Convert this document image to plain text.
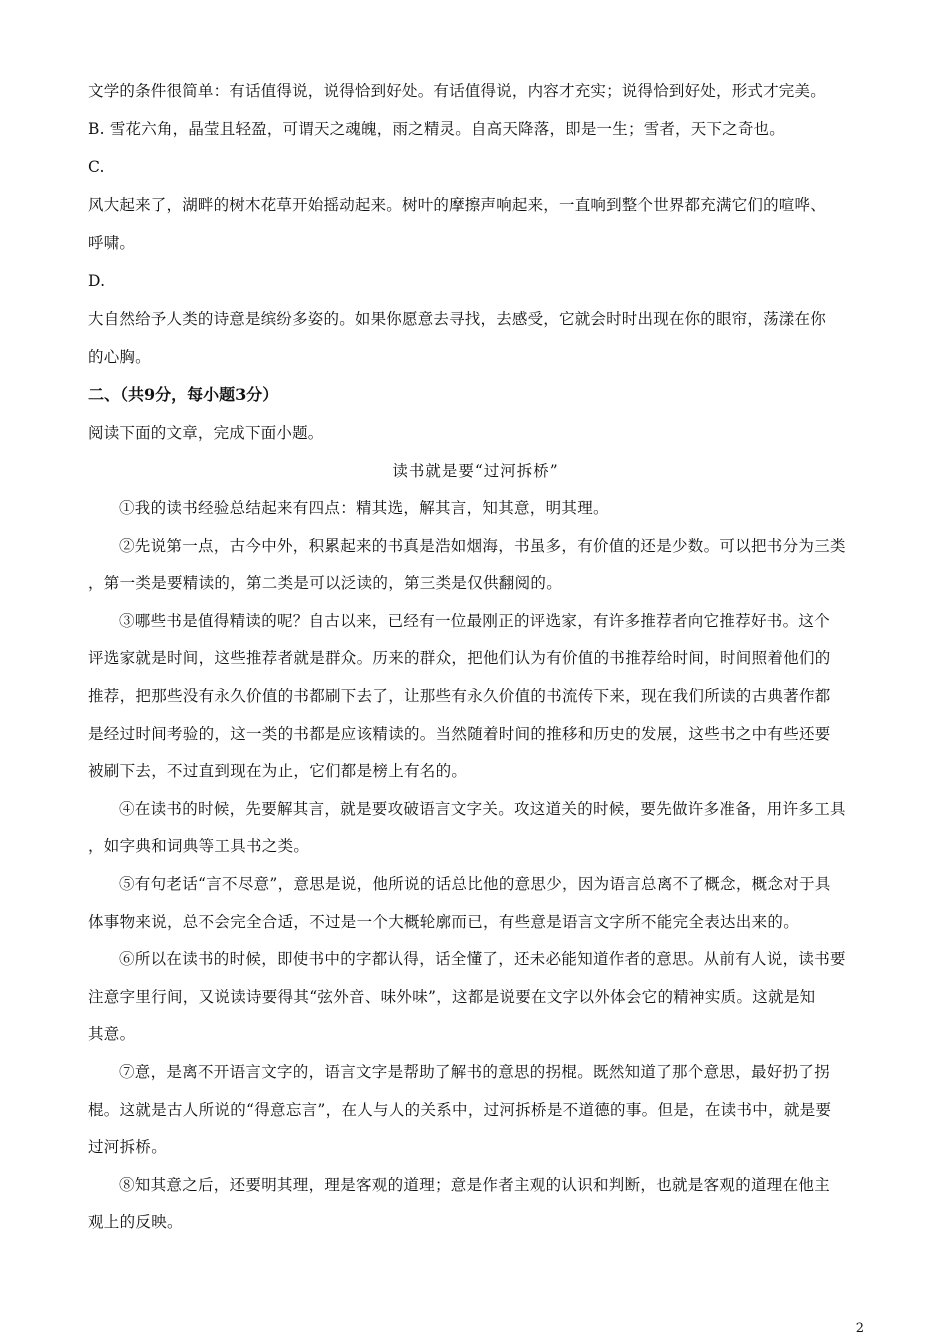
文学的条件很简单：有话值得说，说得恰到好处。有话值得说，内容才充实；说得恰到好处，形式才完美。

B. 雪花六角，晶莹且轻盈，可谓天之魂魄，雨之精灵。自高天降落，即是一生；雪者，天下之奇也。

C.

风大起来了，湖畔的树木花草开始摇动起来。树叶的摩擦声响起来，一直响到整个世界都充满它们的喧哗、

呼啸。

D.

大自然给予人类的诗意是缤纷多姿的。如果你愿意去寻找，去感受，它就会时时出现在你的眼帘，荡漾在你

的心胸。

二、（共9分，每小题3分）

阅读下面的文章，完成下面小题。

读书就是要“过河拆桥”

①我的读书经验总结起来有四点：精其选，解其言，知其意，明其理。

②先说第一点，古今中外，积累起来的书真是浩如烟海，书虽多，有价值的还是少数。可以把书分为三类

，第一类是要精读的，第二类是可以泛读的，第三类是仅供翻阅的。

③哪些书是值得精读的呢？自古以来，已经有一位最刚正的评选家，有许多推荐者向它推荐好书。这个

评选家就是时间，这些推荐者就是群众。历来的群众，把他们认为有价值的书推荐给时间，时间照着他们的

推荐，把那些没有永久价值的书都刷下去了，让那些有永久价值的书流传下来，现在我们所读的古典著作都

是经过时间考验的，这一类的书都是应该精读的。当然随着时间的推移和历史的发展，这些书之中有些还要

被刷下去，不过直到现在为止，它们都是榜上有名的。

④在读书的时候，先要解其言，就是要攻破语言文字关。攻这道关的时候，要先做许多准备，用许多工具

，如字典和词典等工具书之类。

⑤有句老话“言不尽意”，意思是说，他所说的话总比他的意思少，因为语言总离不了概念，概念对于具

体事物来说，总不会完全合适，不过是一个大概轮廓而已，有些意是语言文字所不能完全表达出来的。

⑥所以在读书的时候，即使书中的字都认得，话全懂了，还未必能知道作者的意思。从前有人说，读书要

注意字里行间，又说读诗要得其“弦外音、味外味”，这都是说要在文字以外体会它的精神实质。这就是知

其意。

⑦意，是离不开语言文字的，语言文字是帮助了解书的意思的拐棍。既然知道了那个意思，最好扔了拐

棍。这就是古人所说的“得意忘言”，在人与人的关系中，过河拆桥是不道德的事。但是，在读书中，就是要

过河拆桥。

⑧知其意之后，还要明其理，理是客观的道理；意是作者主观的认识和判断，也就是客观的道理在他主

观上的反映。

2
